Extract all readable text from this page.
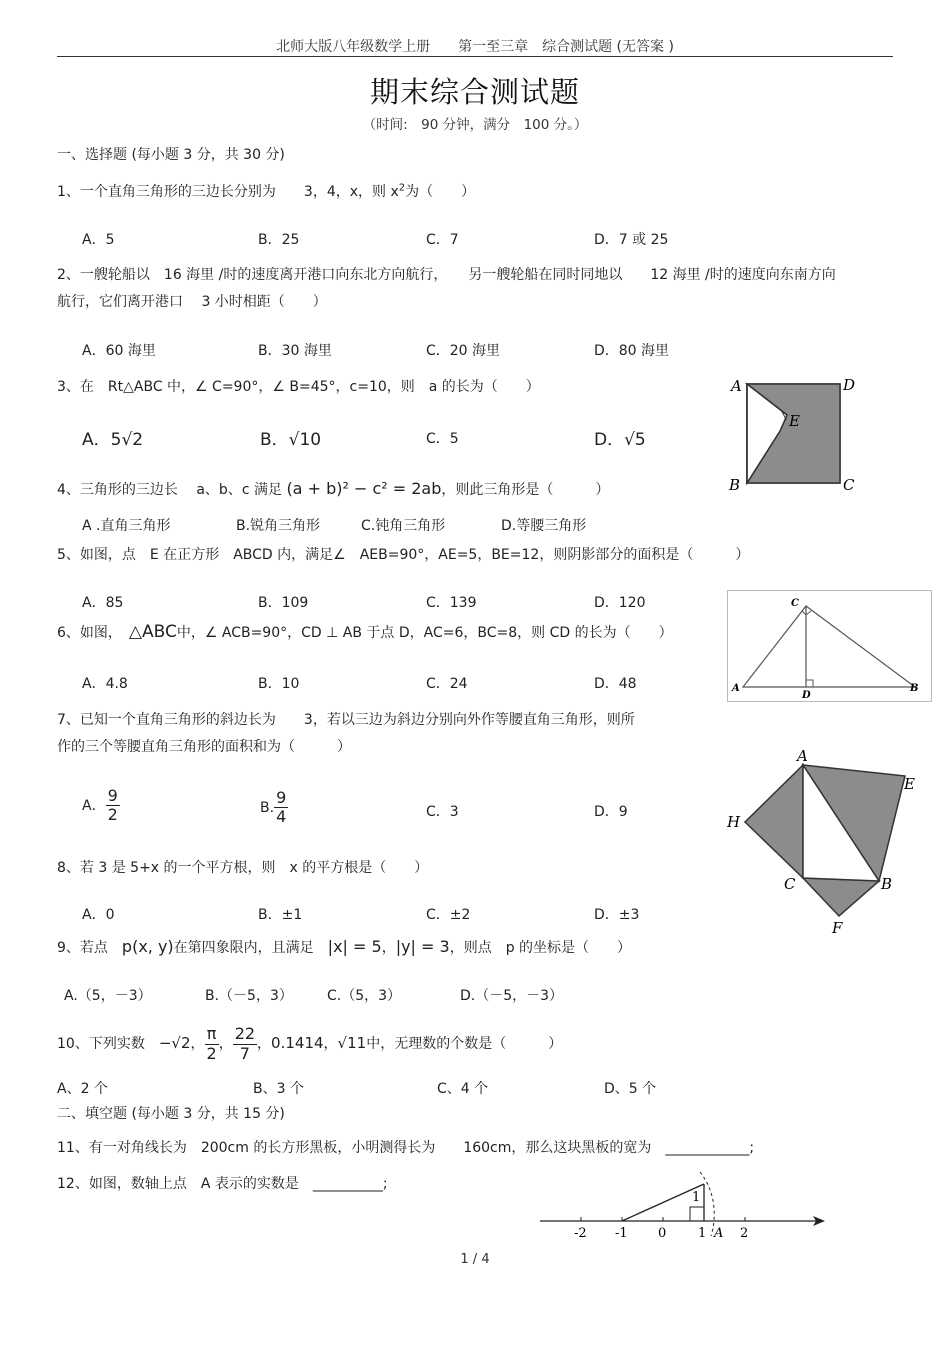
北师大版八年级数学上册　　第一至三章　综合测试题 (无答案 )
期末综合测试题
（时间:　90 分钟，满分　100 分。）
一、选择题 (每小题 3 分，共 30 分)
1、一个直角三角形的三边长分别为　　3，4，x，则 $x^2$为（　　）
A．5	B．25	C．7	D．7 或 25
2、一艘轮船以　16 海里 /时的速度离开港口向东北方向航行，　　另一艘轮船在同时同地以　　12 海里 /时的速度向东南方向
航行，它们离开港口　 3 小时相距（　　）
A．60 海里	B．30 海里	C．20 海里	D．80 海里
3、在　Rt△ABC 中，∠ C=90°，∠ B=45°，c=10，则　a 的长为（　　）
A．5√2	B．√10	C．5	D．√5
4、三角形的三边长　 a、b、c 满足 (a + b)² − c² = 2ab，则此三角形是（　　　）
A .直角三角形	B.锐角三角形	C.钝角三角形	D.等腰三角形
5、如图，点　E 在正方形　ABCD 内，满足∠　AEB=90°，AE=5，BE=12，则阴影部分的面积是（　　　）
A．85	B．109	C．139	D．120
6、如图，　 △ABC中，∠ ACB=90°，CD ⊥ AB 于点 D，AC=6，BC=8，则 CD 的长为（　　）
A．4.8	B．10	C．24	D．48
7、已知一个直角三角形的斜边长为　　3，若以三边为斜边分别向外作等腰直角三角形，则所
作的三个等腰直角三角形的面积和为（　　　）
A． $\frac{9}{2}$	B. $\frac{9}{4}$	C．3	D．9
8、若 3 是 5+x 的一个平方根，则　x 的平方根是（　　）
A．0	B．±1	C．±2	D．±3
9、若点　 p(x, y)在第四象限内，且满足　 |x| = 5，|y| = 3，则点　p 的坐标是（　　）
A.（5，－3）	B.（－5，3） C.（5，3）	D.（－5，－3）
10、下列实数　 −√2， $\frac{\pi}{2}$ ， $\frac{22}{7}$ ，0.1414，√11中，无理数的个数是（　　　）
A、2 个	B、3 个	C、4 个	D、5 个
二、填空题 (每小题 3 分，共 15 分)
11、有一对角线长为　200cm 的长方形黑板，小明测得长为　　160cm，那么这块黑板的宽为　____________;
12、如图，数轴上点　A 表示的实数是　__________;
A	D
E
B	C
C
A
D
B
A
E
H
C	B
F
-2 -1 0 1	2
1
A
1 / 4
